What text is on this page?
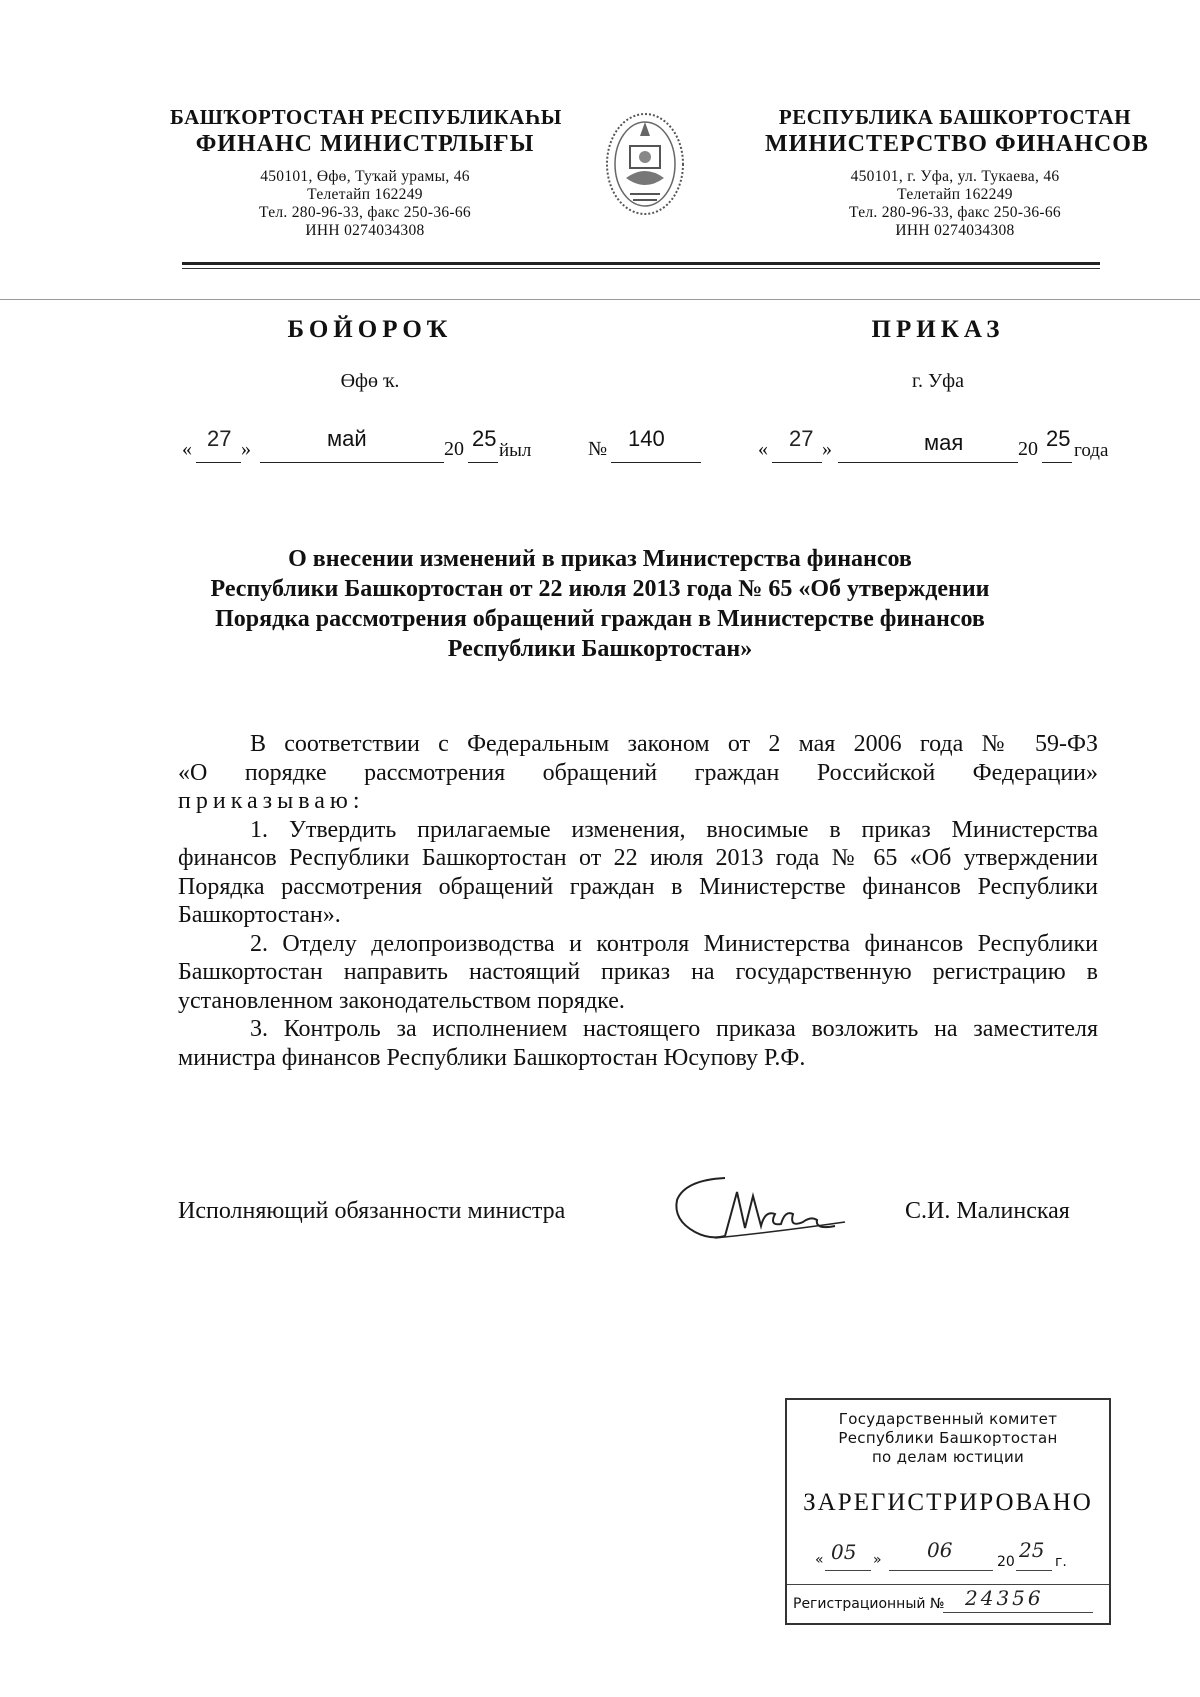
БАШҠОРТОСТАН РЕСПУБЛИКАҺЫ
ФИНАНС МИНИСТРЛЫҒЫ
450101, Өфө, Туҡай урамы, 46
Телетайп 162249
Тел. 280-96-33, факс 250-36-66
ИНН 0274034308
РЕСПУБЛИКА БАШКОРТОСТАН
МИНИСТЕРСТВО ФИНАНСОВ
450101, г. Уфа, ул. Тукаева, 46
Телетайп 162249
Тел. 280-96-33, факс 250-36-66
ИНН 0274034308
БОЙОРОҠ	ПРИКАЗ
Өфө ҡ.	г. Уфа
« 27 »	май	20 25 йыл	№ 140	« 27 »	мая	20 25 года
О внесении изменений в приказ Министерства финансов
Республики Башкортостан от 22 июля 2013 года № 65 «Об утверждении
Порядка рассмотрения обращений граждан в Министерстве финансов
Республики Башкортостан»

В соответствии с Федеральным законом от 2 мая 2006 года № 59-ФЗ

«О порядке рассмотрения обращений граждан Российской Федерации»

приказываю:

1. Утвердить прилагаемые изменения, вносимые в приказ Министерства финансов Республики Башкортостан от 22 июля 2013 года № 65 «Об утверждении Порядка рассмотрения обращений граждан в Министерстве финансов Республики Башкортостан».

2. Отделу делопроизводства и контроля Министерства финансов Республики Башкортостан направить настоящий приказ на государственную регистрацию в установленном законодательством порядке.

3. Контроль за исполнением настоящего приказа возложить на заместителя министра финансов Республики Башкортостан Юсупову Р.Ф.

Исполняющий обязанности министра	С.И. Малинская
Государственный комитет
Республики Башкортостан
по делам юстиции
ЗАРЕГИСТРИРОВАНО
« 05 » 06	20 25 г.
Регистрационный № 24356
